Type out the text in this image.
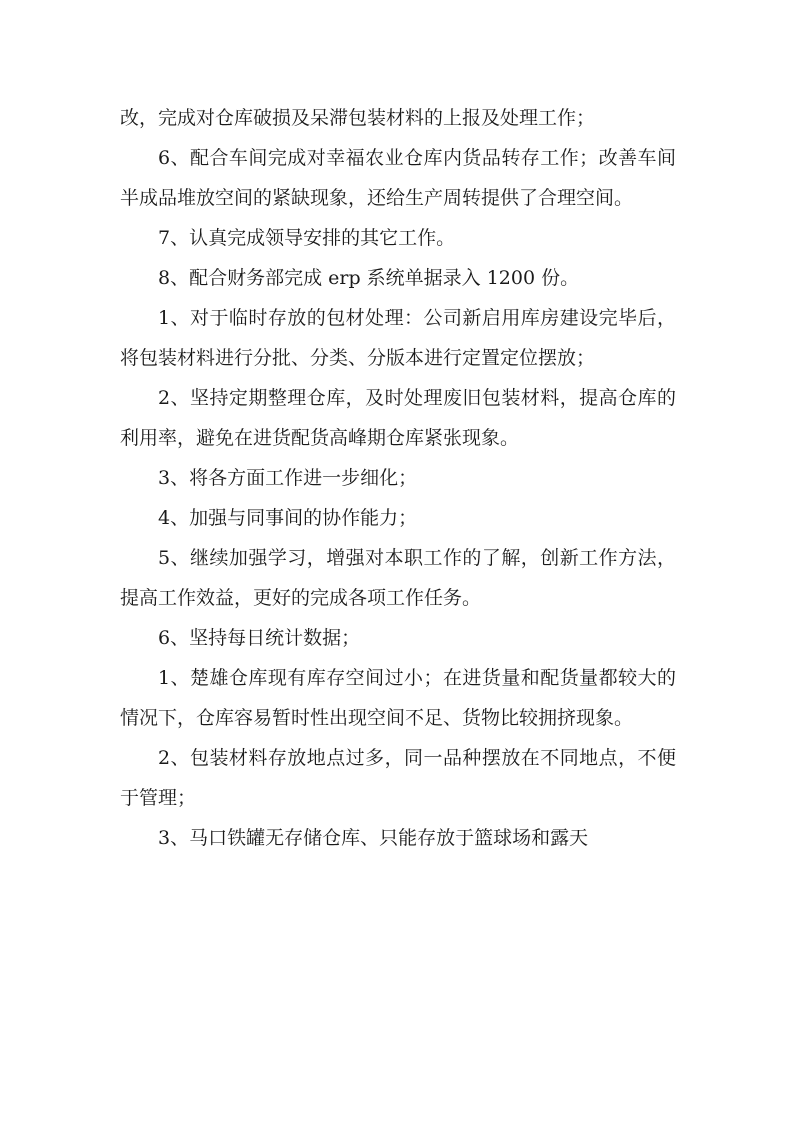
改，完成对仓库破损及呆滞包装材料的上报及处理工作；

6、配合车间完成对幸福农业仓库内货品转存工作；改善车间半成品堆放空间的紧缺现象，还给生产周转提供了合理空间。

7、认真完成领导安排的其它工作。

8、配合财务部完成 erp 系统单据录入 1200 份。

1、对于临时存放的包材处理：公司新启用库房建设完毕后，将包装材料进行分批、分类、分版本进行定置定位摆放；

2、坚持定期整理仓库，及时处理废旧包装材料，提高仓库的利用率，避免在进货配货高峰期仓库紧张现象。

3、将各方面工作进一步细化；

4、加强与同事间的协作能力；

5、继续加强学习，增强对本职工作的了解，创新工作方法，提高工作效益，更好的完成各项工作任务。

6、坚持每日统计数据；

1、楚雄仓库现有库存空间过小；在进货量和配货量都较大的情况下，仓库容易暂时性出现空间不足、货物比较拥挤现象。

2、包装材料存放地点过多，同一品种摆放在不同地点，不便于管理；

3、马口铁罐无存储仓库、只能存放于篮球场和露天
